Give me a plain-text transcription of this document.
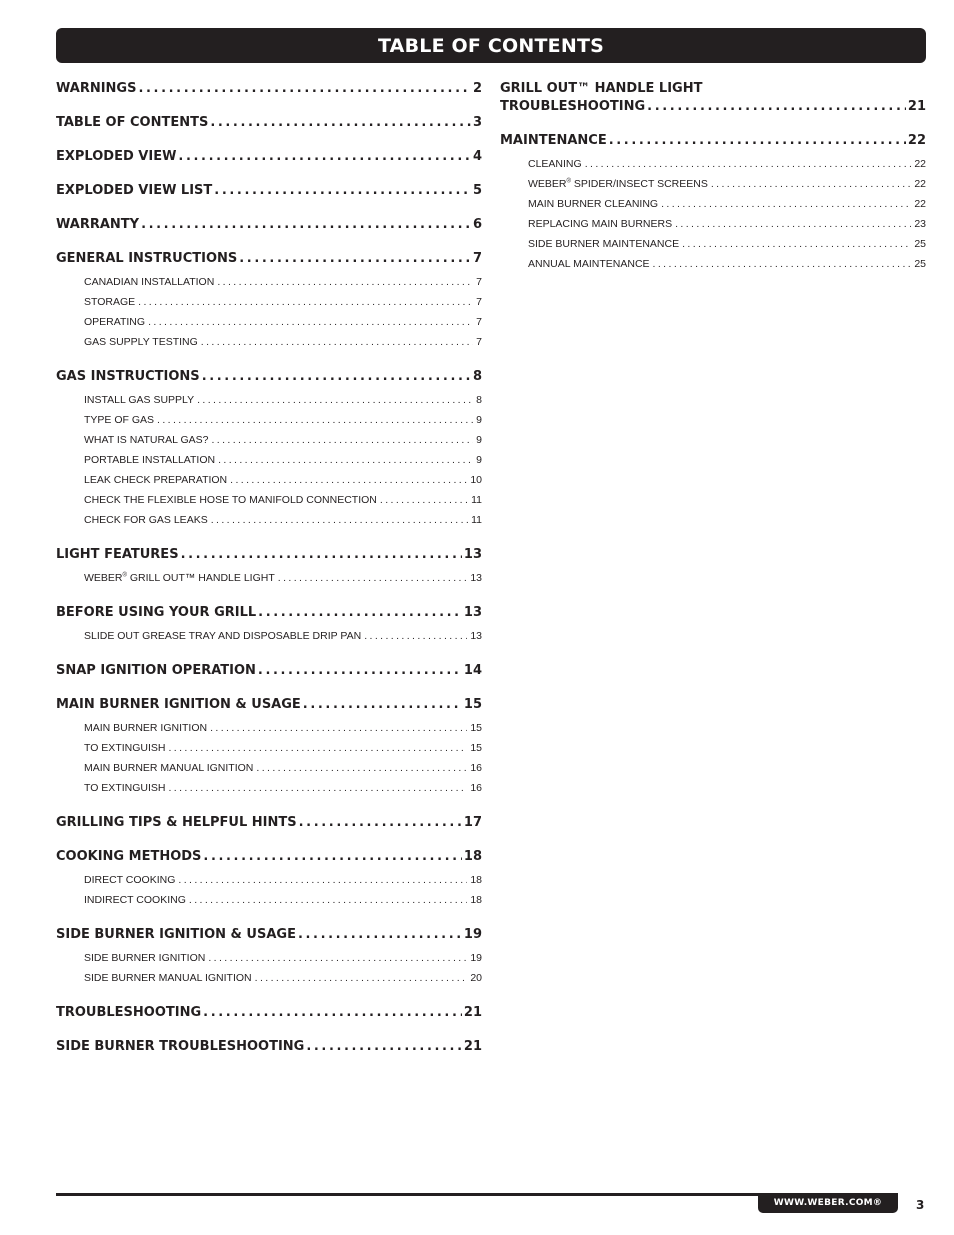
TABLE OF CONTENTS
WARNINGS .....	2
TABLE OF CONTENTS .....	3
EXPLODED VIEW .....	4
EXPLODED VIEW LIST .....	5
WARRANTY .....	6
GENERAL INSTRUCTIONS .....	7
CANADIAN INSTALLATION .....	7
STORAGE .....	7
OPERATING .....	7
GAS SUPPLY TESTING .....	7
GAS INSTRUCTIONS .....	8
INSTALL GAS SUPPLY .....	8
TYPE OF GAS .....	9
WHAT IS NATURAL GAS? .....	9
PORTABLE INSTALLATION .....	9
LEAK CHECK PREPARATION .....	10
CHECK THE FLEXIBLE HOSE TO MANIFOLD CONNECTION .....	11
CHECK FOR GAS LEAKS .....	11
LIGHT FEATURES .....	13
WEBER® GRILL OUT™ HANDLE LIGHT .....	13
BEFORE USING YOUR GRILL .....	13
SLIDE OUT GREASE TRAY AND DISPOSABLE DRIP PAN .....	13
SNAP IGNITION OPERATION .....	14
MAIN BURNER IGNITION & USAGE .....	15
MAIN BURNER IGNITION .....	15
TO EXTINGUISH .....	15
MAIN BURNER MANUAL IGNITION .....	16
TO EXTINGUISH .....	16
GRILLING TIPS & HELPFUL HINTS .....	17
COOKING METHODS .....	18
DIRECT COOKING .....	18
INDIRECT COOKING .....	18
SIDE BURNER IGNITION & USAGE .....	19
SIDE BURNER IGNITION .....	19
SIDE BURNER MANUAL IGNITION .....	20
TROUBLESHOOTING .....	21
SIDE BURNER TROUBLESHOOTING .....	21
GRILL OUT™ HANDLE LIGHT
TROUBLESHOOTING .....	21
MAINTENANCE .....	22
CLEANING .....	22
WEBER® SPIDER/INSECT SCREENS .....	22
MAIN BURNER CLEANING .....	22
REPLACING MAIN BURNERS .....	23
SIDE BURNER MAINTENANCE .....	25
ANNUAL MAINTENANCE .....	25
WWW.WEBER.COM®	3
